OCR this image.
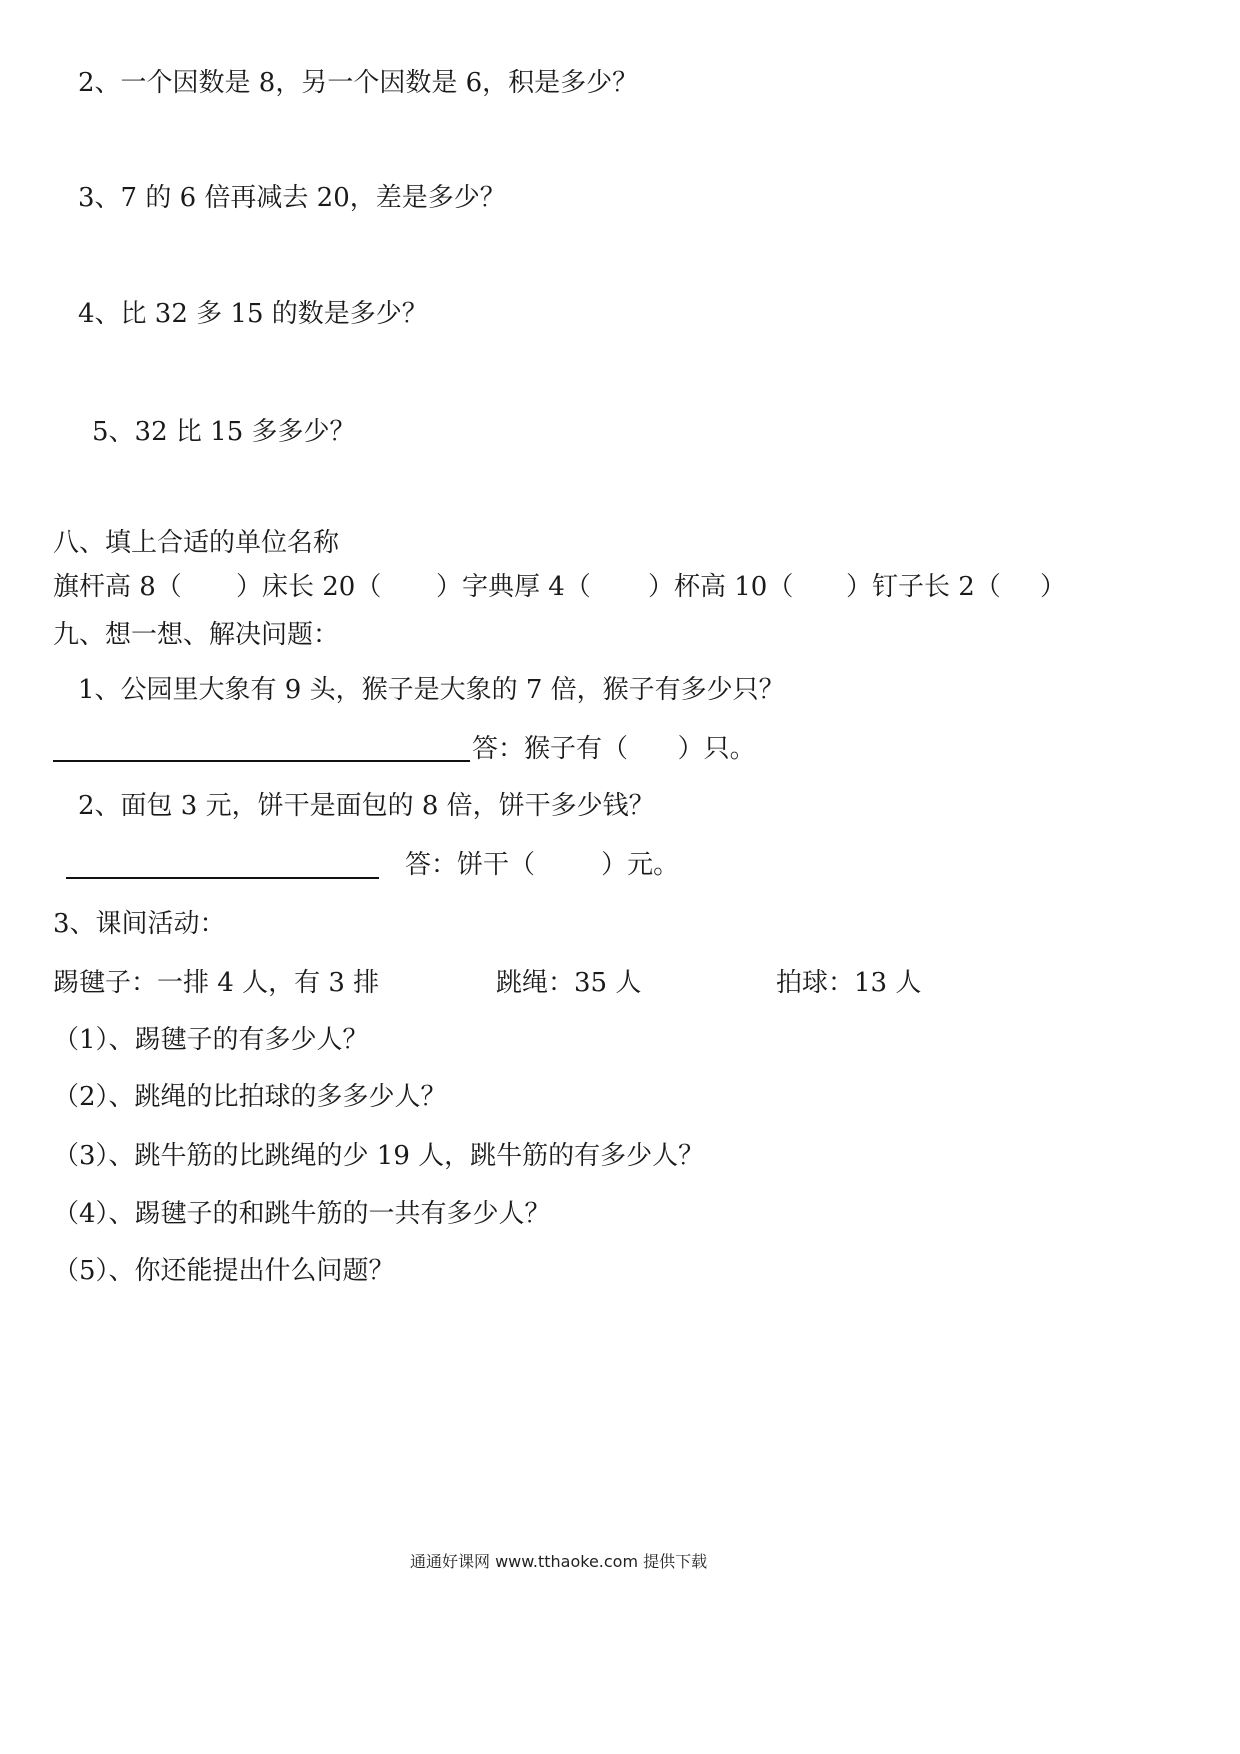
2、一个因数是 8，另一个因数是 6，积是多少？
3、7 的 6 倍再减去 20，差是多少？
4、比 32 多 15 的数是多少？
5、32 比 15 多多少？
八、填上合适的单位名称
旗杆高 8（ ）床长 20（ ）字典厚 4（ ）杯高 10（ ）钉子长 2（ ）
九、想一想、解决问题：
1、公园里大象有 9 头，猴子是大象的 7 倍，猴子有多少只？
答：猴子有（      ）只。
2、面包 3 元，饼干是面包的 8 倍，饼干多少钱？
答：饼干（        ）元。
3、课间活动：
踢毽子：一排 4 人，有 3 排	跳绳：35 人	拍球：13 人
（1）、踢毽子的有多少人？
（2）、跳绳的比拍球的多多少人？
（3）、跳牛筋的比跳绳的少 19 人，跳牛筋的有多少人？
（4）、踢毽子的和跳牛筋的一共有多少人？
（5）、你还能提出什么问题？
通通好课网 www.tthaoke.com 提供下载
